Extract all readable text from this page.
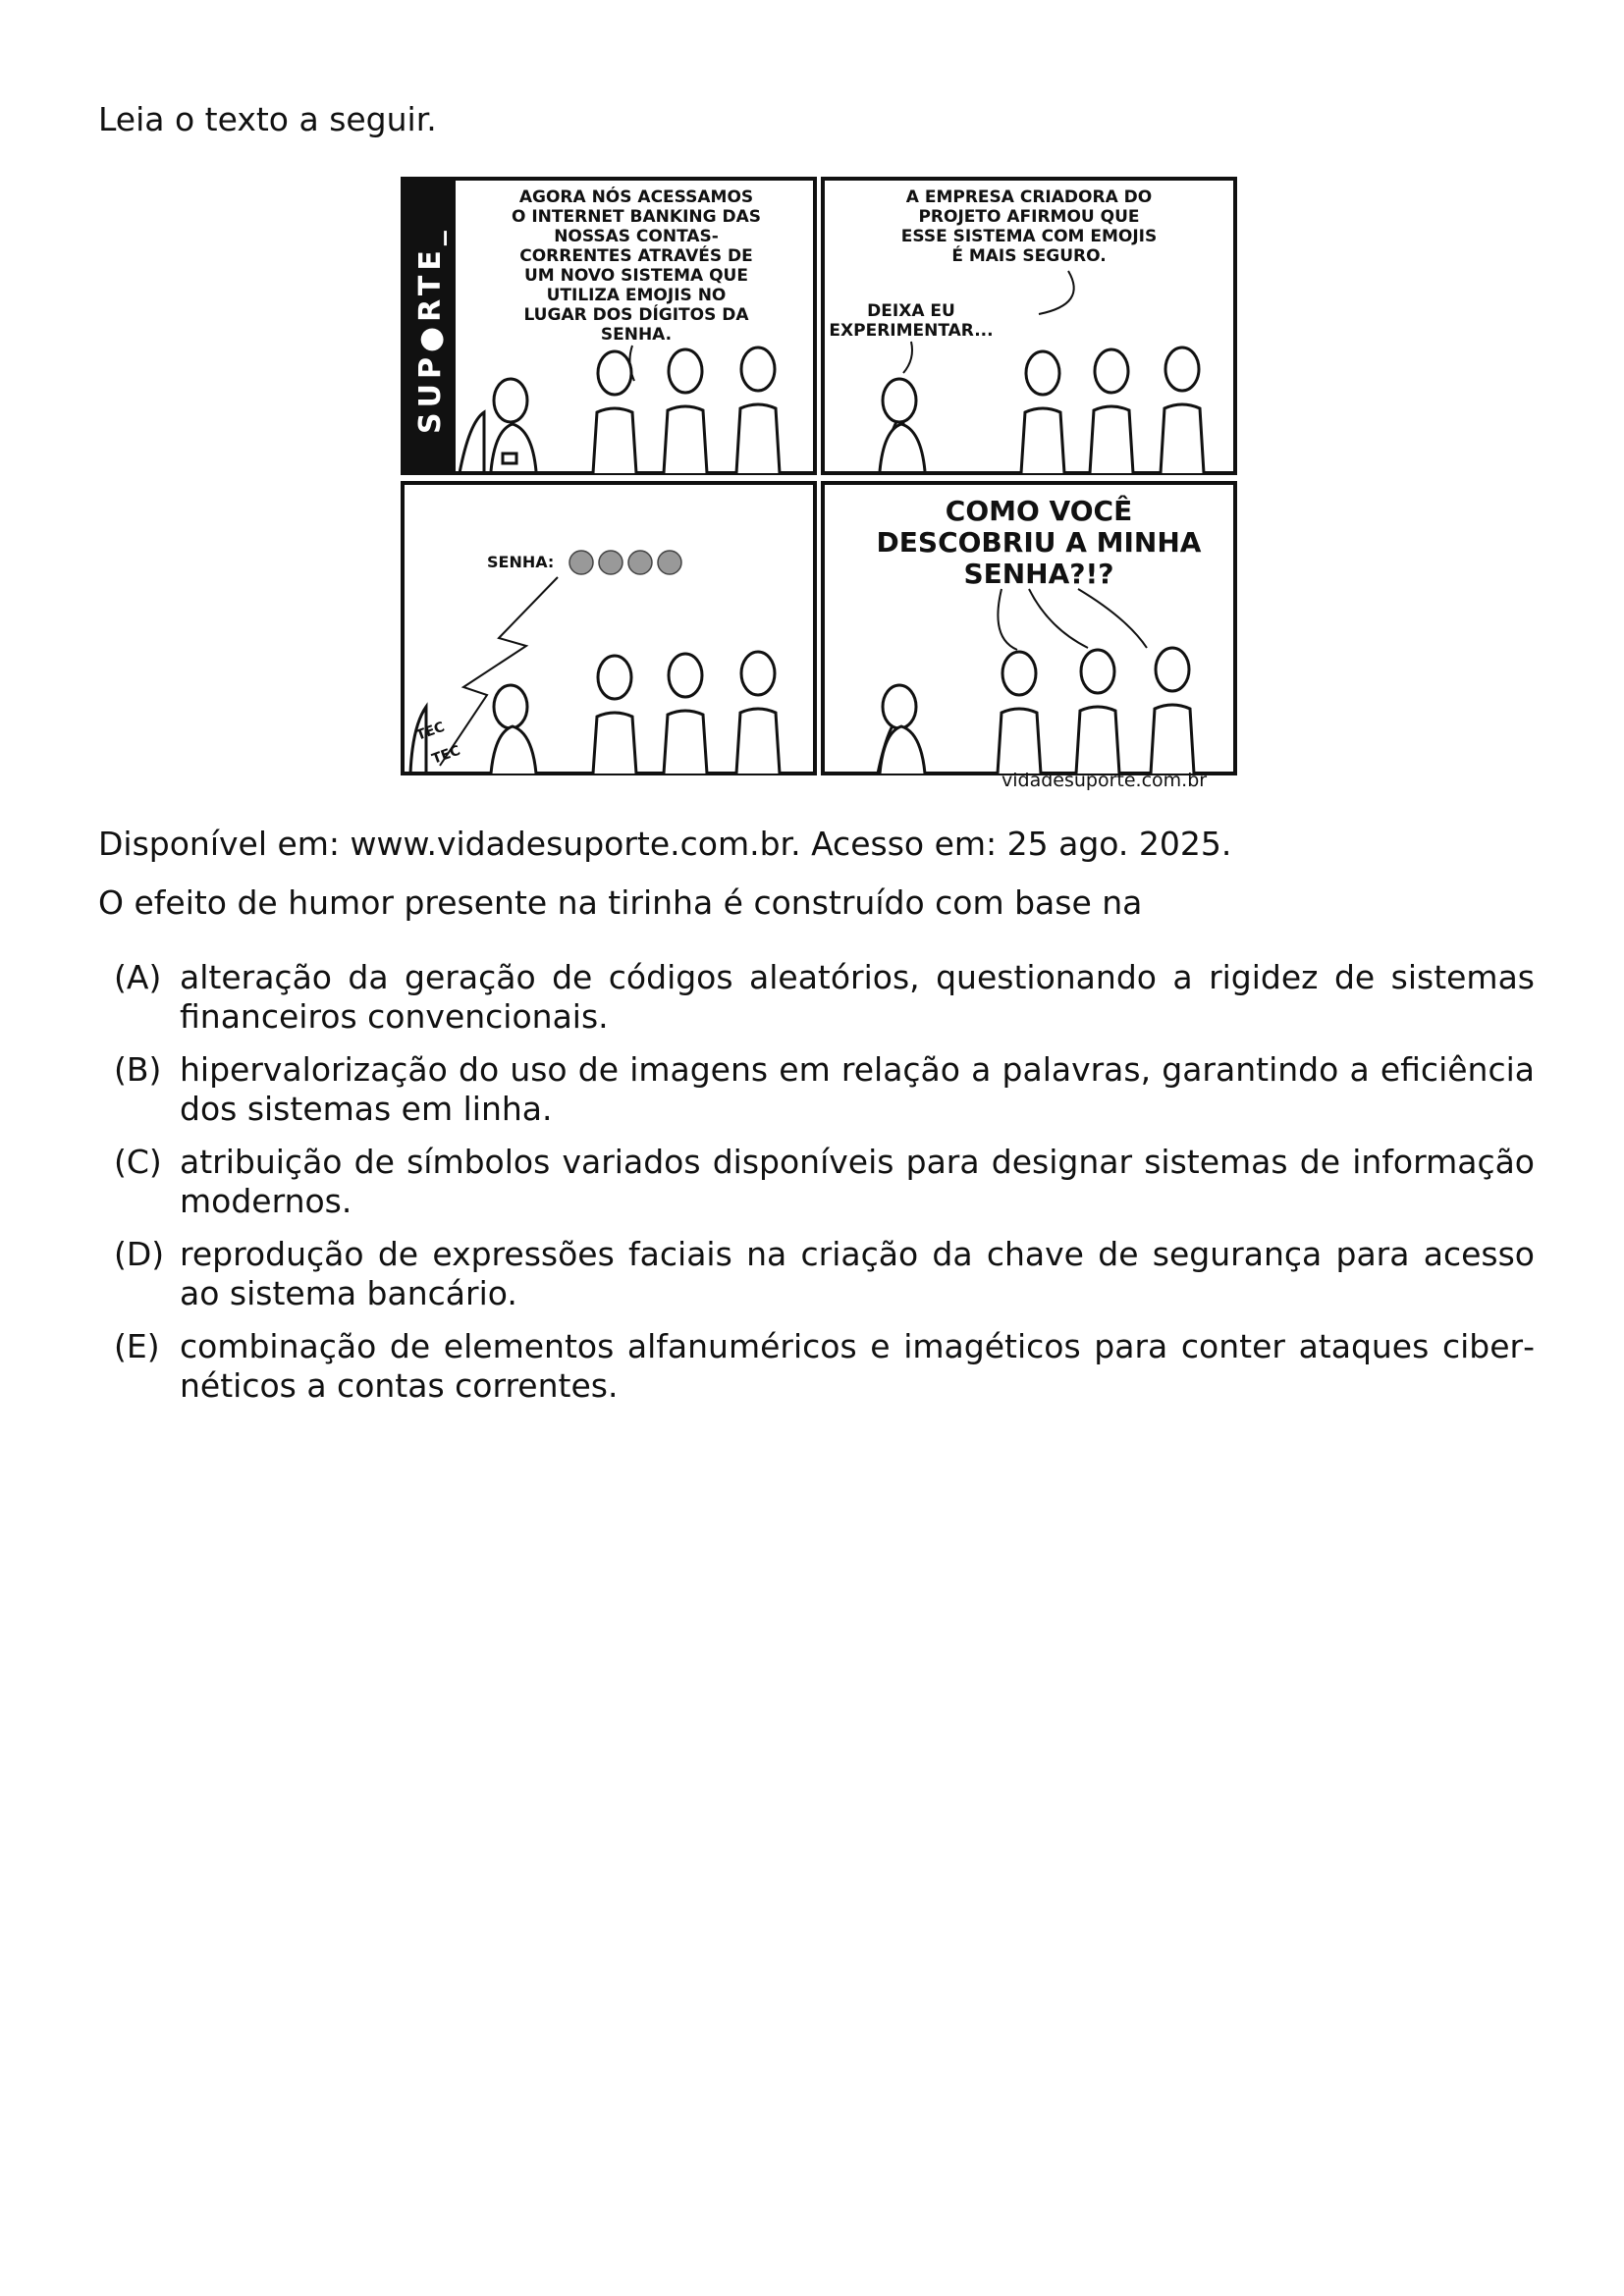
Leia o texto a seguir.
SUP●RTE_
AGORA NÓS ACESSAMOS
O INTERNET BANKING DAS
NOSSAS CONTAS-
CORRENTES ATRAVÉS DE
UM NOVO SISTEMA QUE
UTILIZA EMOJIS NO
LUGAR DOS DÍGITOS DA
SENHA.
A EMPRESA CRIADORA DO
PROJETO AFIRMOU QUE
ESSE SISTEMA COM EMOJIS
É MAIS SEGURO.
DEIXA EU
EXPERIMENTAR...
SENHA:
TEC
TEC
COMO VOCÊ
DESCOBRIU A MINHA
SENHA?!?
vidadesuporte.com.br
Disponível em: www.vidadesuporte.com.br. Acesso em: 25 ago. 2025.
O efeito de humor presente na tirinha é construído com base na
(A) alteração da geração de códigos aleatórios, questionando a rigidez de sistemas financeiros convencionais.
(B) hipervalorização do uso de imagens em relação a palavras, garantindo a eficiência dos sistemas em linha.
(C) atribuição de símbolos variados disponíveis para designar sistemas de informação modernos.
(D) reprodução de expressões faciais na criação da chave de segurança para acesso ao sistema bancário.
(E) combinação de elementos alfanuméricos e imagéticos para conter ataques cibernéticos a contas correntes.
